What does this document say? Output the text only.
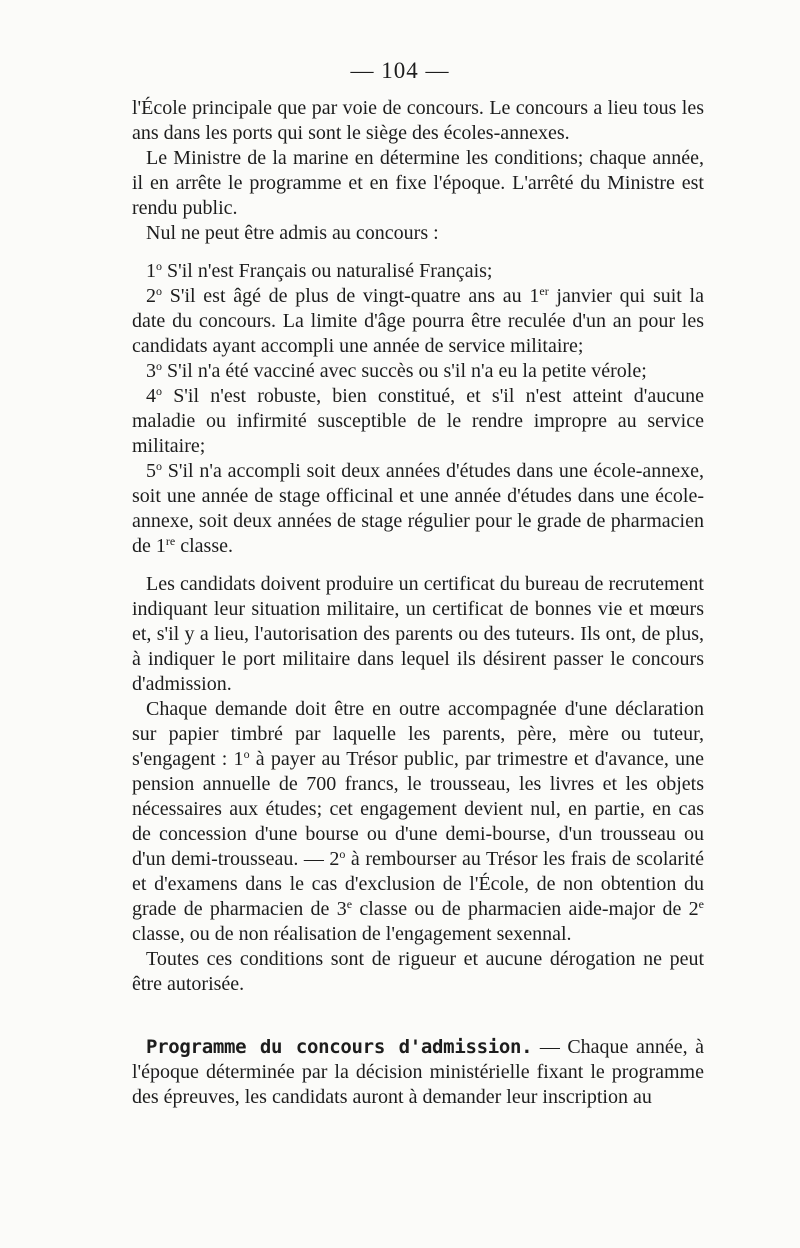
— 104 —

l'École principale que par voie de concours. Le concours a lieu tous les ans dans les ports qui sont le siège des écoles-annexes.

Le Ministre de la marine en détermine les conditions; chaque année, il en arrête le programme et en fixe l'époque. L'arrêté du Ministre est rendu public.

Nul ne peut être admis au concours :

1$^o$ S'il n'est Français ou naturalisé Français;

2$^o$ S'il est âgé de plus de vingt-quatre ans au 1er janvier qui suit la date du concours. La limite d'âge pourra être reculée d'un an pour les candidats ayant accompli une année de service militaire;

3$^o$ S'il n'a été vacciné avec succès ou s'il n'a eu la petite vérole;

4$^o$ S'il n'est robuste, bien constitué, et s'il n'est atteint d'aucune maladie ou infirmité susceptible de le rendre impropre au service militaire;

5$^o$ S'il n'a accompli soit deux années d'études dans une école-annexe, soit une année de stage officinal et une année d'études dans une école-annexe, soit deux années de stage régulier pour le grade de pharmacien de 1re classe.

Les candidats doivent produire un certificat du bureau de recrutement indiquant leur situation militaire, un certificat de bonnes vie et mœurs et, s'il y a lieu, l'autorisation des parents ou des tuteurs. Ils ont, de plus, à indiquer le port militaire dans lequel ils désirent passer le concours d'admission.

Chaque demande doit être en outre accompagnée d'une déclaration sur papier timbré par laquelle les parents, père, mère ou tuteur, s'engagent : 1$^o$ à payer au Trésor public, par trimestre et d'avance, une pension annuelle de 700 francs, le trousseau, les livres et les objets nécessaires aux études; cet engagement devient nul, en partie, en cas de concession d'une bourse ou d'une demi-bourse, d'un trousseau ou d'un demi-trousseau. — 2$^o$ à rembourser au Trésor les frais de scolarité et d'examens dans le cas d'exclusion de l'École, de non obtention du grade de pharmacien de 3e classe ou de pharmacien aide-major de 2e classe, ou de non réalisation de l'engagement sexennal.

Toutes ces conditions sont de rigueur et aucune dérogation ne peut être autorisée.

Programme du concours d'admission. — Chaque année, à l'époque déterminée par la décision ministérielle fixant le programme des épreuves, les candidats auront à demander leur inscription au
